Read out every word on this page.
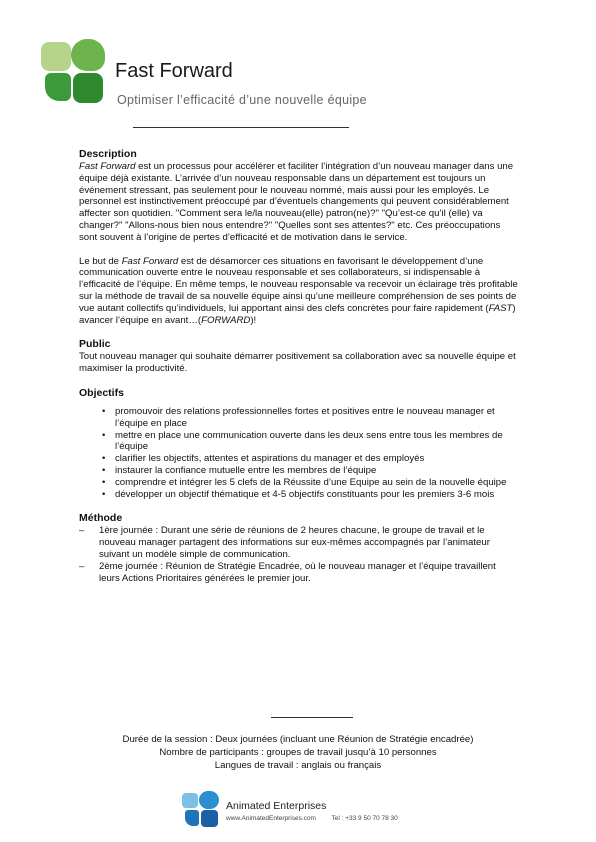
Fast Forward
Optimiser l’efficacité d’une nouvelle équipe
Description

Fast Forward est un processus pour accélérer et faciliter l’intégration d’un nouveau manager dans une équipe déjà existante. L’arrivée d’un nouveau responsable dans un département est toujours un événement stressant, pas seulement pour le nouveau nommé, mais aussi pour les employés. Le personnel est instinctivement préoccupé par d’éventuels changements qui peuvent considérablement affecter son quotidien. "Comment sera le/la nouveau(elle) patron(ne)?" "Qu’est-ce qu’il (elle) va changer?" "Allons-nous bien nous entendre?" "Quelles sont ses attentes?" etc. Ces préoccupations sont souvent à l’origine de pertes d’efficacité et de motivation dans le service.

Le but de Fast Forward est de désamorcer ces situations en favorisant le développement d’une communication ouverte entre le nouveau responsable et ses collaborateurs, si indispensable à l’efficacité de l’équipe. En même temps, le nouveau responsable va recevoir un éclairage très profitable sur la méthode de travail de sa nouvelle équipe ainsi qu’une meilleure compréhension de ses points de vue autant collectifs qu’individuels, lui apportant ainsi des clefs concrètes pour faire rapidement (FAST) avancer l’équipe en avant…(FORWARD)!

Public

Tout nouveau manager qui souhaite démarrer positivement sa collaboration avec sa nouvelle équipe et maximiser la productivité.

Objectifs
• promouvoir des relations professionnelles fortes et positives entre le nouveau manager et l’équipe en place
• mettre en place une communication ouverte dans les deux sens entre tous les membres de l’équipe
• clarifier les objectifs, attentes et aspirations du manager et des employés
• instaurer la confiance mutuelle entre les membres de l’équipe
• comprendre et intégrer les 5 clefs de la Réussite d’une Equipe au sein de la nouvelle équipe
• développer un objectif thématique et 4-5 objectifs constituants pour les premiers 3-6 mois
Méthode
– 1ère journée : Durant une série de réunions de 2 heures chacune, le groupe de travail et le nouveau manager partagent des informations sur eux-mêmes accompagnés par l’animateur suivant un modèle simple de communication.
– 2ème journée : Réunion de Stratégie Encadrée, où le nouveau manager et l’équipe travaillent leurs Actions Prioritaires générées le premier jour.
Durée de la session : Deux journées (incluant une Réunion de Stratégie encadrée)
Nombre de participants : groupes de travail jusqu’à 10 personnes
Langues de travail : anglais ou français
Animated Enterprises
www.AnimatedEnterprises.com Tel : +33 9 50 70 78 30
